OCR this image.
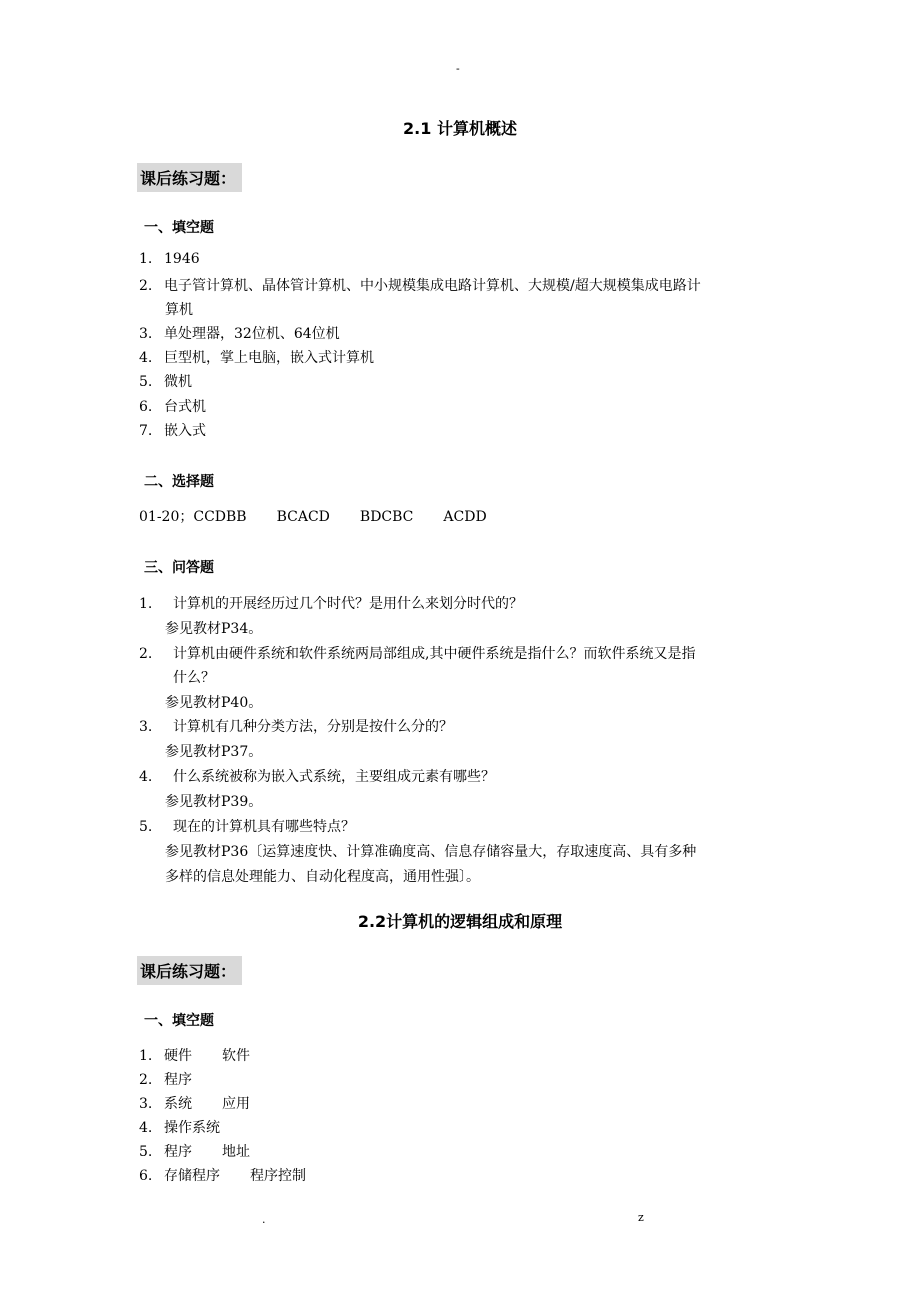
-
2.1 计算机概述
课后练习题：
一、填空题
1. 1946
2. 电子管计算机、晶体管计算机、中小规模集成电路计算机、大规模/超大规模集成电路计
算机
3. 单处理器，32位机、64位机
4. 巨型机，掌上电脑，嵌入式计算机
5. 微机
6. 台式机
7. 嵌入式
二、选择题
01-20；CCDBB BCACD BDCBC ACDD
三、问答题
1. 计算机的开展经历过几个时代？是用什么来划分时代的？
参见教材P34。
2. 计算机由硬件系统和软件系统两局部组成,其中硬件系统是指什么？而软件系统又是指
什么？
参见教材P40。
3. 计算机有几种分类方法，分别是按什么分的？
参见教材P37。
4. 什么系统被称为嵌入式系统，主要组成元素有哪些？
参见教材P39。
5. 现在的计算机具有哪些特点？
参见教材P36〔运算速度快、计算准确度高、信息存储容量大，存取速度高、具有多种
多样的信息处理能力、自动化程度高，通用性强〕。
2.2计算机的逻辑组成和原理
课后练习题：
一、填空题
1. 硬件 软件
2. 程序
3. 系统 应用
4. 操作系统
5. 程序 地址
6. 存储程序 程序控制
.	z
